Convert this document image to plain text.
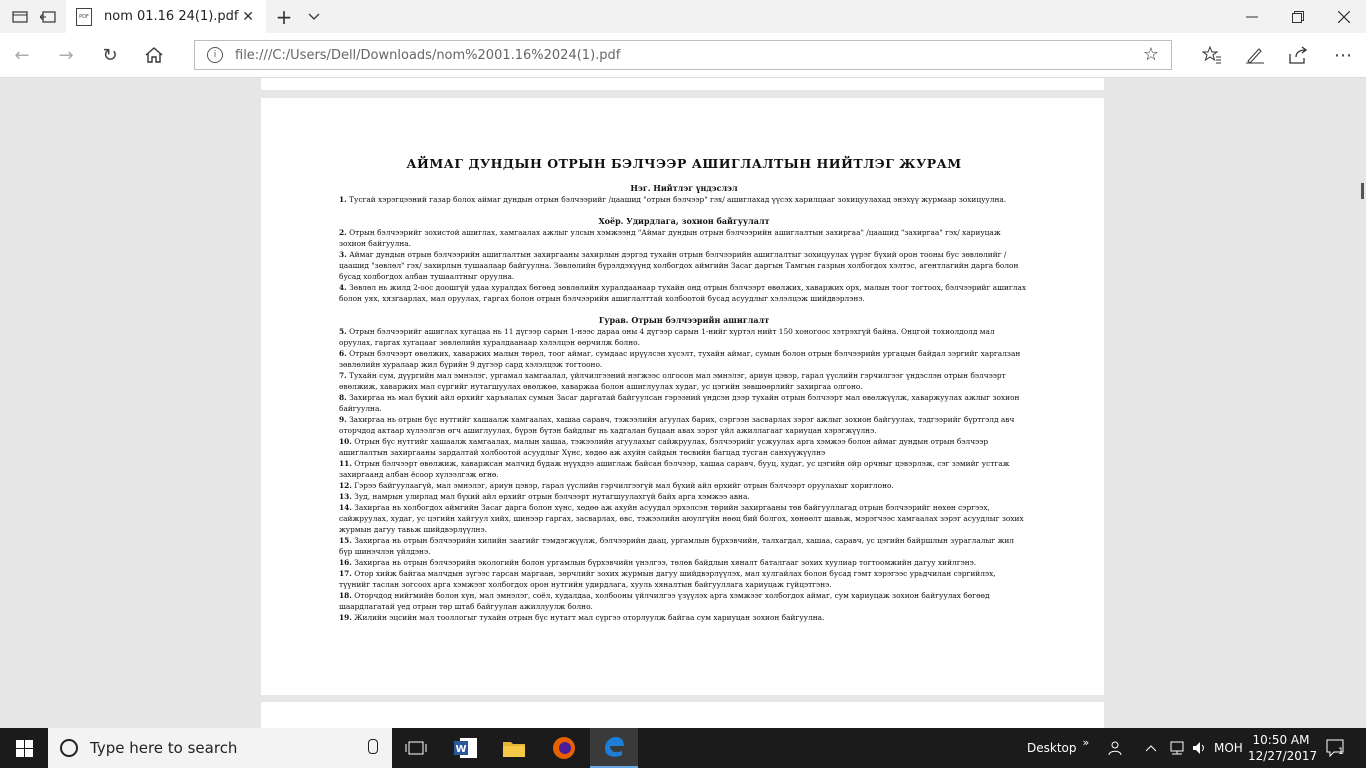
PDF nom 01.16 24(1).pdf ✕ +
← → ↻	i	file:///C:/Users/Dell/Downloads/nom%2001.16%2024(1).pdf	☆	⋯
АЙМАГ ДУНДЫН ОТРЫН БЭЛЧЭЭР АШИГЛАЛТЫН НИЙТЛЭГ ЖУРАМ
Нэг. Нийтлэг үндэслэл

1. Тусгай хэрэгцээний газар болох аймаг дундын отрын бэлчээрийг /цаашид "отрын бэлчээр" гэх/ ашиглахад үүсэх харилцааг зохицуулахад энэхүү журмаар зохицуулна.

Хоёр. Удирдлага, зохион байгуулалт

2. Отрын бэлчээрийг зохистой ашиглах, хамгаалах ажлыг улсын хэмжээнд "Аймаг дундын отрын бэлчээрийн ашиглалтын захиргаа" /цаашид "захиргаа" гэх/ хариуцаж зохион байгуулна.

3. Аймаг дундын отрын бэлчээрийн ашиглалтын захиргааны захирлын дэргэд тухайн отрын бэлчээрийн ашиглалтыг зохицуулах үүрэг бүхий орон тооны бус зөвлөлийг /цаашид "зөвлөл" гэх/ захирлын тушаалаар байгуулна. Зөвлөлийн бүрэлдэхүүнд холбогдох аймгийн Засаг даргын Тамгын газрын холбогдох хэлтэс, агентлагийн дарга болон бусад холбогдох албан тушаалтныг оруулна.

4. Зөвлөл нь жилд 2-оос доошгүй удаа хуралдах бөгөөд зөвлөлийн хуралдаанаар тухайн онд отрын бэлчээрт өвөлжих, хаваржих орх, малын тоог тогтоох, бэлчээрийг ашиглах болон уях, хязгаарлах, мал оруулах, гаргах болон отрын бэлчээрийн ашиглалттай холбоотой бусад асуудлыг хэлэлцэж шийдвэрлэнэ.

Гурав. Отрын бэлчээрийн ашиглалт

5. Отрын бэлчээрийг ашиглах хугацаа нь 11 дүгээр сарын 1-нээс дараа оны 4 дүгээр сарын 1-нийг хүртэл нийт 150 хоногоос хэтрэхгүй байна. Онцгой тохиолдолд мал оруулах, гаргах хугацааг зөвлөлийн хуралдаанаар хэлэлцэн өөрчилж болно.

6. Отрын бэлчээрт өвөлжих, хаваржих малын төрөл, тоог аймаг, сумдаас ирүүлсэн хүсэлт, тухайн аймаг, сумын болон отрын бэлчээрийн ургацын байдал зэргийг харгалзан зөвлөлийн хуралаар жил бүрийн 9 дүгээр сард хэлэлцэж тогтооно.

7. Тухайн сум, дүүргийн мал эмнэлэг, ургамал хамгаалал, үйлчилгээний нэгжээс олгосон мал эмнэлэг, ариун цэвэр, гарал үүслийн гэрчилгээг үндэслэн отрын бэлчээрт өвөлжиж, хаваржих мал сүргийг нутагшуулах өвөлжөө, хаваржаа болон ашиглуулах худаг, ус цэгийн зөвшөөрлийг захиргаа олгоно.

8. Захиргаа нь мал бүхий айл өрхийг харъяалах сумын Засаг даргатай байгуулсан гэрээний үндсэн дээр тухайн отрын бэлчээрт мал өвөлжүүлж, хаваржуулах ажлыг зохион байгуулна.

9. Захиргаа нь отрын бүс нутгийг хашаалж хамгаалах, хашаа саравч, тэжээлийн агуулах барих, сэргээн засварлах зэрэг ажлыг зохион байгуулах, тэдгээрийг бүртгэлд авч оторчдод актаар хүлээлгэн өгч ашиглуулах, бүрэн бүтэн байдлыг нь хадгалан буцаан авах зэрэг үйл ажиллагааг хариуцан хэрэгжүүлнэ.

10. Отрын бүс нутгийг хашаалж хамгаалах, малын хашаа, тэжээлийн агуулахыг сайжруулах, бэлчээрийг усжуулах арга хэмжээ болон аймаг дундын отрын бэлчээр ашиглалтын захиргааны зардалтай холбоотой асуудлыг Хүнс, хөдөө аж ахуйн сайдын төсвийн багцад тусган санхүүжүүлнэ

11. Отрын бэлчээрт өвөлжиж, хаваржсан малчид бүдаж нүүхдээ ашиглаж байсан бэлчээр, хашаа саравч, бууц, худаг, ус цэгийн ойр орчныг цэвэрлэж, сэг зэмийг устгаж захиргаанд албан ёсоор хүлээлгэж өгнө.

12. Гэрээ байгуулаагүй, мал эмнэлэг, ариун цэвэр, гарал үүслийн гэрчилгээгүй мал бүхий айл өрхийг отрын бэлчээрт оруулахыг хориглоно.

13. Зуд, намрын улирлад мал бүхий айл өрхийг отрын бэлчээрт нутагшуулахгүй байх арга хэмжээ авна.

14. Захиргаа нь холбогдох аймгийн Засаг дарга болон хүнс, хөдөө аж ахуйн асуудал эрхэлсэн төрийн захиргааны төв байгууллагад отрын бэлчээрийг нөхөн сэргээх, сайжруулах, худаг, ус цэгийн хайгуул хийх, шинээр гаргах, засварлах, өвс, тэжээлийн аюулгүйн нөөц бий болгох, хөнөөлт шавьж, мэрэгчээс хамгаалах зэрэг асуудлыг зохих журмын дагуу тавьж шийдвэрлүүлнэ.

15. Захиргаа нь отрын бэлчээрийн хилийн заагийг тэмдэгжүүлж, бэлчээрийн даац, ургамлын бүрхэвчийн, талхагдал, хашаа, саравч, ус цэгийн байршлын зураглалыг жил бүр шинэчлэн үйлдэнэ.

16. Захиргаа нь отрын бэлчээрийн экологийн болон ургамлын бүрхэвчийн үнэлгээ, төлөв байдлын хяналт баталгааг зохих хуулиар тогтоомжийн дагуу хийлгэнэ.

17. Отор хийж байгаа малчдын зүгээс гарсан маргаан, зөрчлийг зохих журмын дагуу шийдвэрлүүлэх, мал хулгайлах болон бусад гэмт хэрэгээс урьдчилан сэргийлэх, түүнийг таслан зогсоох арга хэмжээг холбогдох орон нутгийн удирдлага, хууль хяналтын байгууллага хариуцаж гүйцэтгэнэ.

18. Оторчдод нийгмийн болон хүн, мал эмнэлэг, соёл, худалдаа, холбооны үйлчилгээ үзүүлэх арга хэмжээг холбогдох аймаг, сум хариуцаж зохион байгуулах бөгөөд шаардлагатай үед отрын төр штаб байгуулан ажиллуулж болно.

19. Жилийн эцсийн мал тооллогыг тухайн отрын бүс нутагт мал сүргээ оторлуулж байгаа сум хариуцан зохион байгуулна.

Type here to search	W	Desktop »	МОН
10:50 AM
12/27/2017 1
